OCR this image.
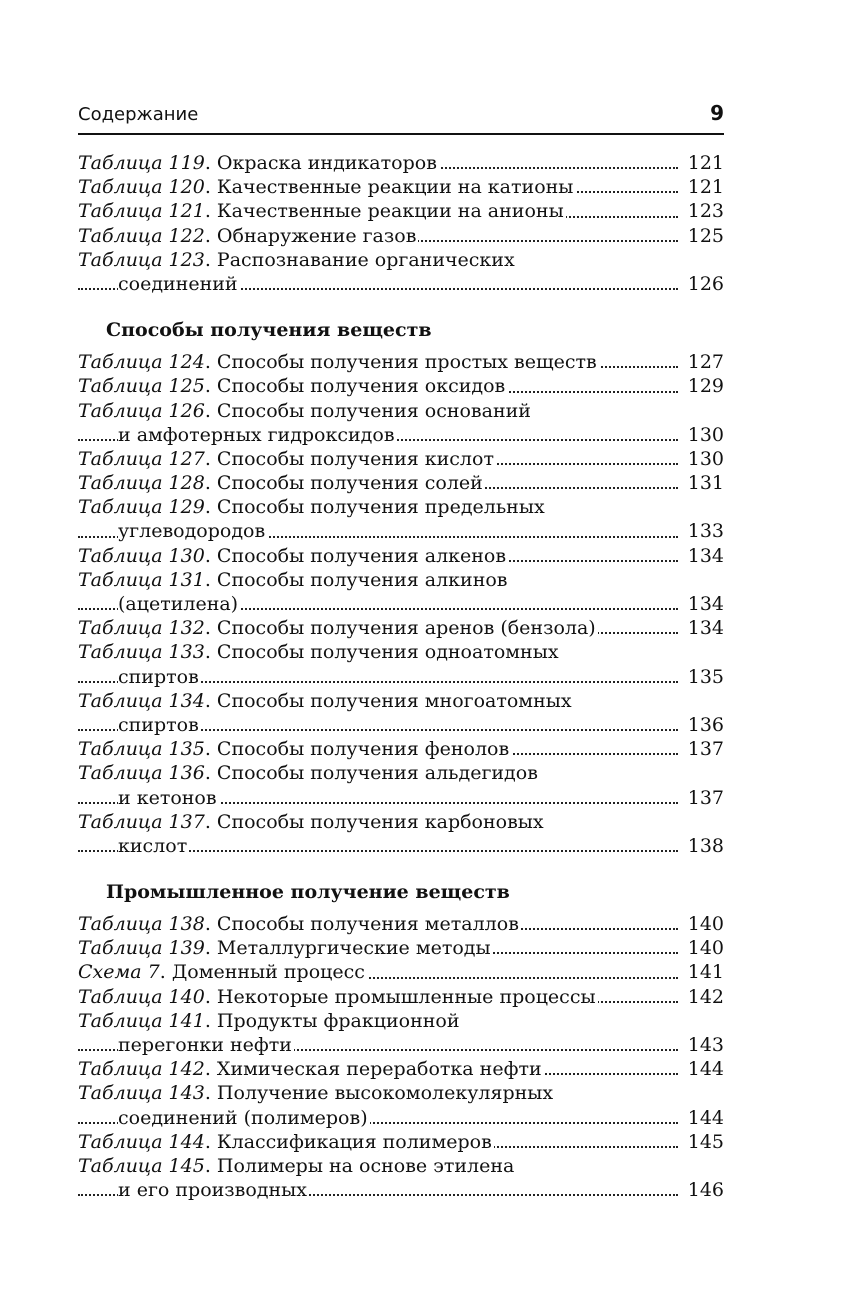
Содержание	9
Таблица 119. Окраска индикаторов	121
Таблица 120. Качественные реакции на катионы	121
Таблица 121. Качественные реакции на анионы	123
Таблица 122. Обнаружение газов	125
Таблица 123. Распознавание органических
соединений	126
Способы получения веществ
Таблица 124. Способы получения простых веществ	127
Таблица 125. Способы получения оксидов	129
Таблица 126. Способы получения оснований
и амфотерных гидроксидов	130
Таблица 127. Способы получения кислот	130
Таблица 128. Способы получения солей	131
Таблица 129. Способы получения предельных
углеводородов	133
Таблица 130. Способы получения алкенов	134
Таблица 131. Способы получения алкинов
(ацетилена)	134
Таблица 132. Способы получения аренов (бензола)	134
Таблица 133. Способы получения одноатомных
спиртов	135
Таблица 134. Способы получения многоатомных
спиртов	136
Таблица 135. Способы получения фенолов	137
Таблица 136. Способы получения альдегидов
и кетонов	137
Таблица 137. Способы получения карбоновых
кислот	138
Промышленное получение веществ
Таблица 138. Способы получения металлов	140
Таблица 139. Металлургические методы	140
Схема 7. Доменный процесс	141
Таблица 140. Некоторые промышленные процессы	142
Таблица 141. Продукты фракционной
перегонки нефти	143
Таблица 142. Химическая переработка нефти	144
Таблица 143. Получение высокомолекулярных
соединений (полимеров)	144
Таблица 144. Классификация полимеров	145
Таблица 145. Полимеры на основе этилена
и его производных	146
